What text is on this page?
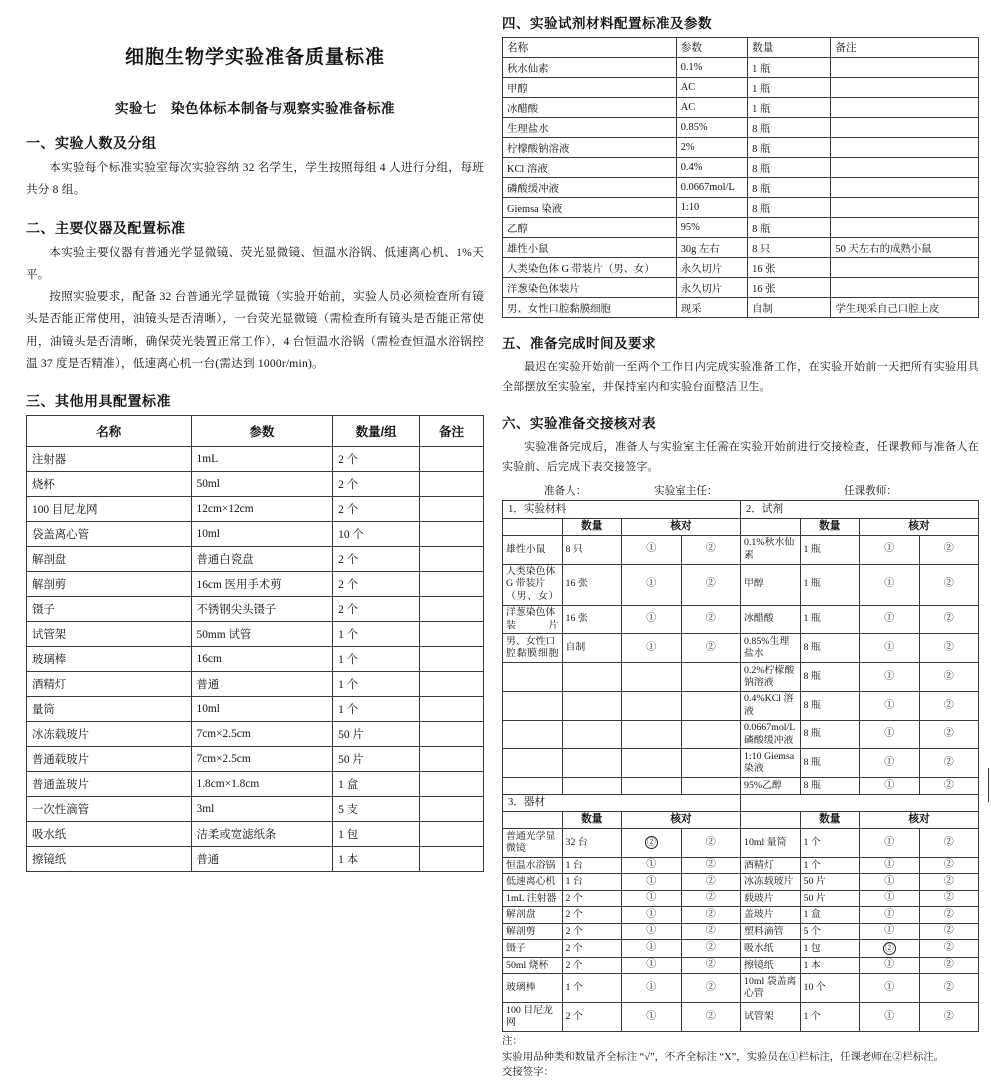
细胞生物学实验准备质量标准
实验七　染色体标本制备与观察实验准备标准
一、实验人数及分组

本实验每个标准实验室每次实验容纳 32 名学生，学生按照每组 4 人进行分组，每班共分 8 组。

二、主要仪器及配置标准

本实验主要仪器有普通光学显微镜、荧光显微镜、恒温水浴锅、低速离心机、1%天平。

按照实验要求，配备 32 台普通光学显微镜（实验开始前，实验人员必须检查所有镜头是否能正常使用，油镜头是否清晰），一台荧光显微镜（需检查所有镜头是否能正常使用，油镜头是否清晰，确保荧光装置正常工作），4 台恒温水浴锅（需检查恒温水浴锅控温 37 度是否精准），低速离心机一台(需达到 1000r/min)。

三、其他用具配置标准
名称	参数	数量/组	备注
注射器	1mL	2 个	
烧杯	50ml	2 个	
100 目尼龙网	12cm×12cm	2 个	
袋盖离心管	10ml	10 个	
解剖盘	普通白瓷盘	2 个	
解剖剪	16cm 医用手术剪	2 个	
镊子	不锈钢尖头镊子	2 个	
试管架	50mm 试管	1 个	
玻璃棒	16cm	1 个	
酒精灯	普通	1 个	
量筒	10ml	1 个	
冰冻载玻片	7cm×2.5cm	50 片	
普通载玻片	7cm×2.5cm	50 片	
普通盖玻片	1.8cm×1.8cm	1 盒	
一次性滴管	3ml	5 支	
吸水纸	洁柔或宽滤纸条	1 包	
擦镜纸	普通	1 本	
四、实验试剂材料配置标准及参数
名称	参数	数量	备注
秋水仙素	0.1%	1 瓶	
甲醇	AC	1 瓶	
冰醋酸	AC	1 瓶	
生理盐水	0.85%	8 瓶	
柠檬酸钠溶液	2%	8 瓶	
KCl 溶液	0.4%	8 瓶	
磷酸缓冲液	0.0667mol/L	8 瓶	
Giemsa 染液	1:10	8 瓶	
乙醇	95%	8 瓶	
雄性小鼠	30g 左右	8 只	50 天左右的成熟小鼠
人类染色体 G 带装片（男、女）	永久切片	16 张	
洋葱染色体装片	永久切片	16 张	
男、女性口腔黏膜细胞	现采	自制	学生现采自己口腔上皮
五、准备完成时间及要求

最迟在实验开始前一至两个工作日内完成实验准备工作，在实验开始前一天把所有实验用具全部摆放至实验室，并保持室内和实验台面整洁卫生。

六、实验准备交接核对表

实验准备完成后，准备人与实验室主任需在实验开始前进行交接检查，任课教师与准备人在实验前、后完成下表交接签字。

准备人：	实验室主任：	任课教师：
1．实验材料				2．试剂			
	数量	核对			数量	核对	
雄性小鼠	8 只	①	②	0.1%秋水仙素	1 瓶	①	②
人类染色体 G 带装片（男、女）	16 张	①	②	甲醇	1 瓶	①	②
洋葱染色体装片	16 张	①	②	冰醋酸	1 瓶	①	②
男、女性口腔黏膜细胞	自制	①	②	0.85%生理盐水	8 瓶	①	②
				0.2%柠檬酸钠溶液	8 瓶	①	②
				0.4%KCl 溶液	8 瓶	①	②
				0.0667mol/L 磷酸缓冲液	8 瓶	①	②
				1:10 Giemsa 染液	8 瓶	①	②
				95%乙醇	8 瓶	①	②
3．器材							
	数量	核对			数量	核对	
普通光学显微镜	32 台	②	②	10ml 量筒	1 个	①	②
恒温水浴锅	1 台	①	②	酒精灯	1 个	①	②
低速离心机	1 台	①	②	冰冻载玻片	50 片	①	②
1mL 注射器	2 个	①	②	载玻片	50 片	①	②
解剖盘	2 个	①	②	盖玻片	1 盒	①	②
解剖剪	2 个	①	②	塑料滴管	5 个	①	②
镊子	2 个	①	②	吸水纸	1 包	②	②
50ml 烧杯	2 个	①	②	擦镜纸	1 本	①	②
玻璃棒	1 个	①	②	10ml 袋盖离心管	10 个	①	②
100 目尼龙网	2 个	①	②	试管架	1 个	①	②
注：
实验用品种类和数量齐全标注 “√”，不齐全标注 “X”，实验员在①栏标注，任课老师在②栏标注。
交接签字：
